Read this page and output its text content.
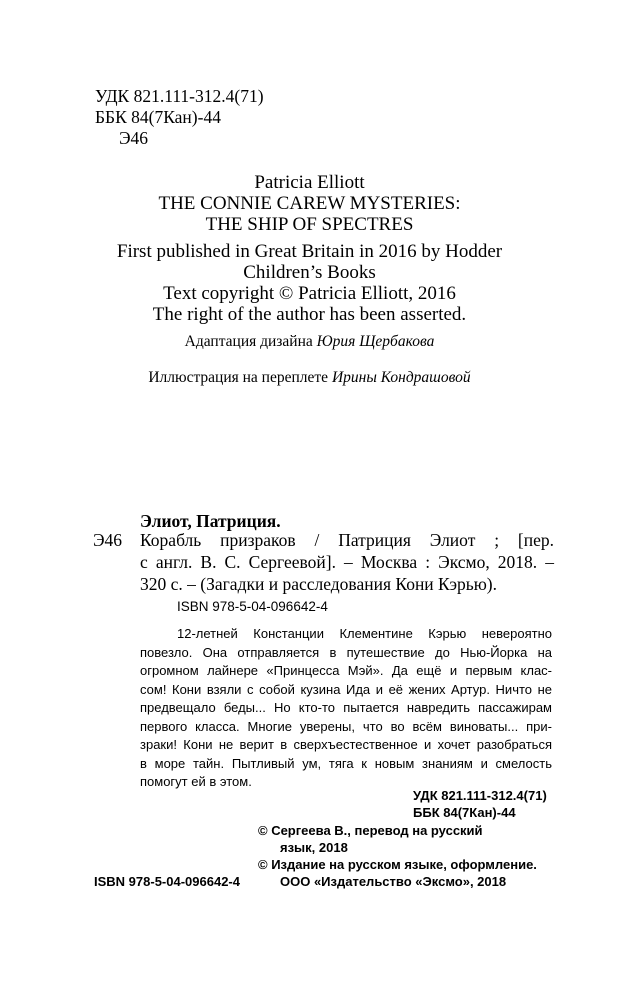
УДК 821.111-312.4(71)
ББК 84(7Кан)-44
Э46
Patricia Elliott
THE CONNIE CAREW MYSTERIES:
THE SHIP OF SPECTRES
First published in Great Britain in 2016 by Hodder
Children’s Books
Text copyright © Patricia Elliott, 2016
The right of the author has been asserted.
Адаптация дизайна Юрия Щербакова
Иллюстрация на переплете Ирины Кондрашовой
Элиот, Патриция.
Э46 Корабль призраков / Патриция Элиот ; [пер.
с англ. В. С. Сергеевой]. – Москва : Эксмо, 2018. –
320 с. – (Загадки и расследования Кони Кэрью).
ISBN 978-5-04-096642-4
12-летней Констанции Клементине Кэрью невероятно
повезло. Она отправляется в путешествие до Нью-Йорка на
огромном лайнере «Принцесса Мэй». Да ещё и первым клас-
сом! Кони взяли с собой кузина Ида и её жених Артур. Ничто не
предвещало беды... Но кто-то пытается навредить пассажирам
первого класса. Многие уверены, что во всём виноваты... при-
зраки! Кони не верит в сверхъестественное и хочет разобраться
в море тайн. Пытливый ум, тяга к новым знаниям и смелость
помогут ей в этом.
УДК 821.111-312.4(71)
ББК 84(7Кан)-44
© Сергеева В., перевод на русский
язык, 2018
© Издание на русском языке, оформление.
ООО «Издательство «Эксмо», 2018
ISBN 978-5-04-096642-4
